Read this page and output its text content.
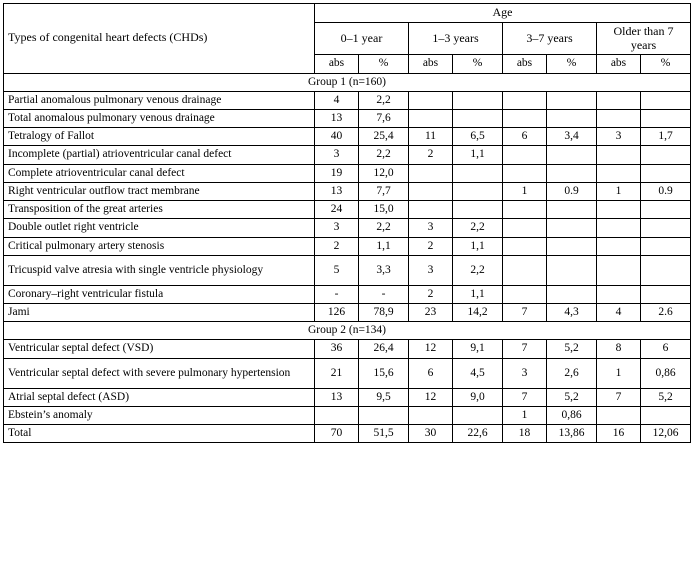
Types of congenital heart defects (CHDs)	Age							
	0–1 year		1–3 years		3–7 years		Older than 7 years	
	abs	%	abs	%	abs	%	abs	%
Group 1 (n=160)								
Partial anomalous pulmonary venous drainage	4	2,2						
Total anomalous pulmonary venous drainage	13	7,6						
Tetralogy of Fallot	40	25,4	11	6,5	6	3,4	3	1,7
Incomplete (partial) atrioventricular canal defect	3	2,2	2	1,1				
Complete atrioventricular canal defect	19	12,0						
Right ventricular outflow tract membrane	13	7,7			1	0.9	1	0.9
Transposition of the great arteries	24	15,0						
Double outlet right ventricle	3	2,2	3	2,2				
Critical pulmonary artery stenosis	2	1,1	2	1,1				
Tricuspid valve atresia with single ventricle physiology	5	3,3	3	2,2				
Coronary–right ventricular fistula	-	-	2	1,1				
Jami	126	78,9	23	14,2	7	4,3	4	2.6
Group 2 (n=134)								
Ventricular septal defect (VSD)	36	26,4	12	9,1	7	5,2	8	6
Ventricular septal defect with severe pulmonary hypertension	21	15,6	6	4,5	3	2,6	1	0,86
Atrial septal defect (ASD)	13	9,5	12	9,0	7	5,2	7	5,2
Ebstein’s anomaly					1	0,86		
Total	70	51,5	30	22,6	18	13,86	16	12,06
